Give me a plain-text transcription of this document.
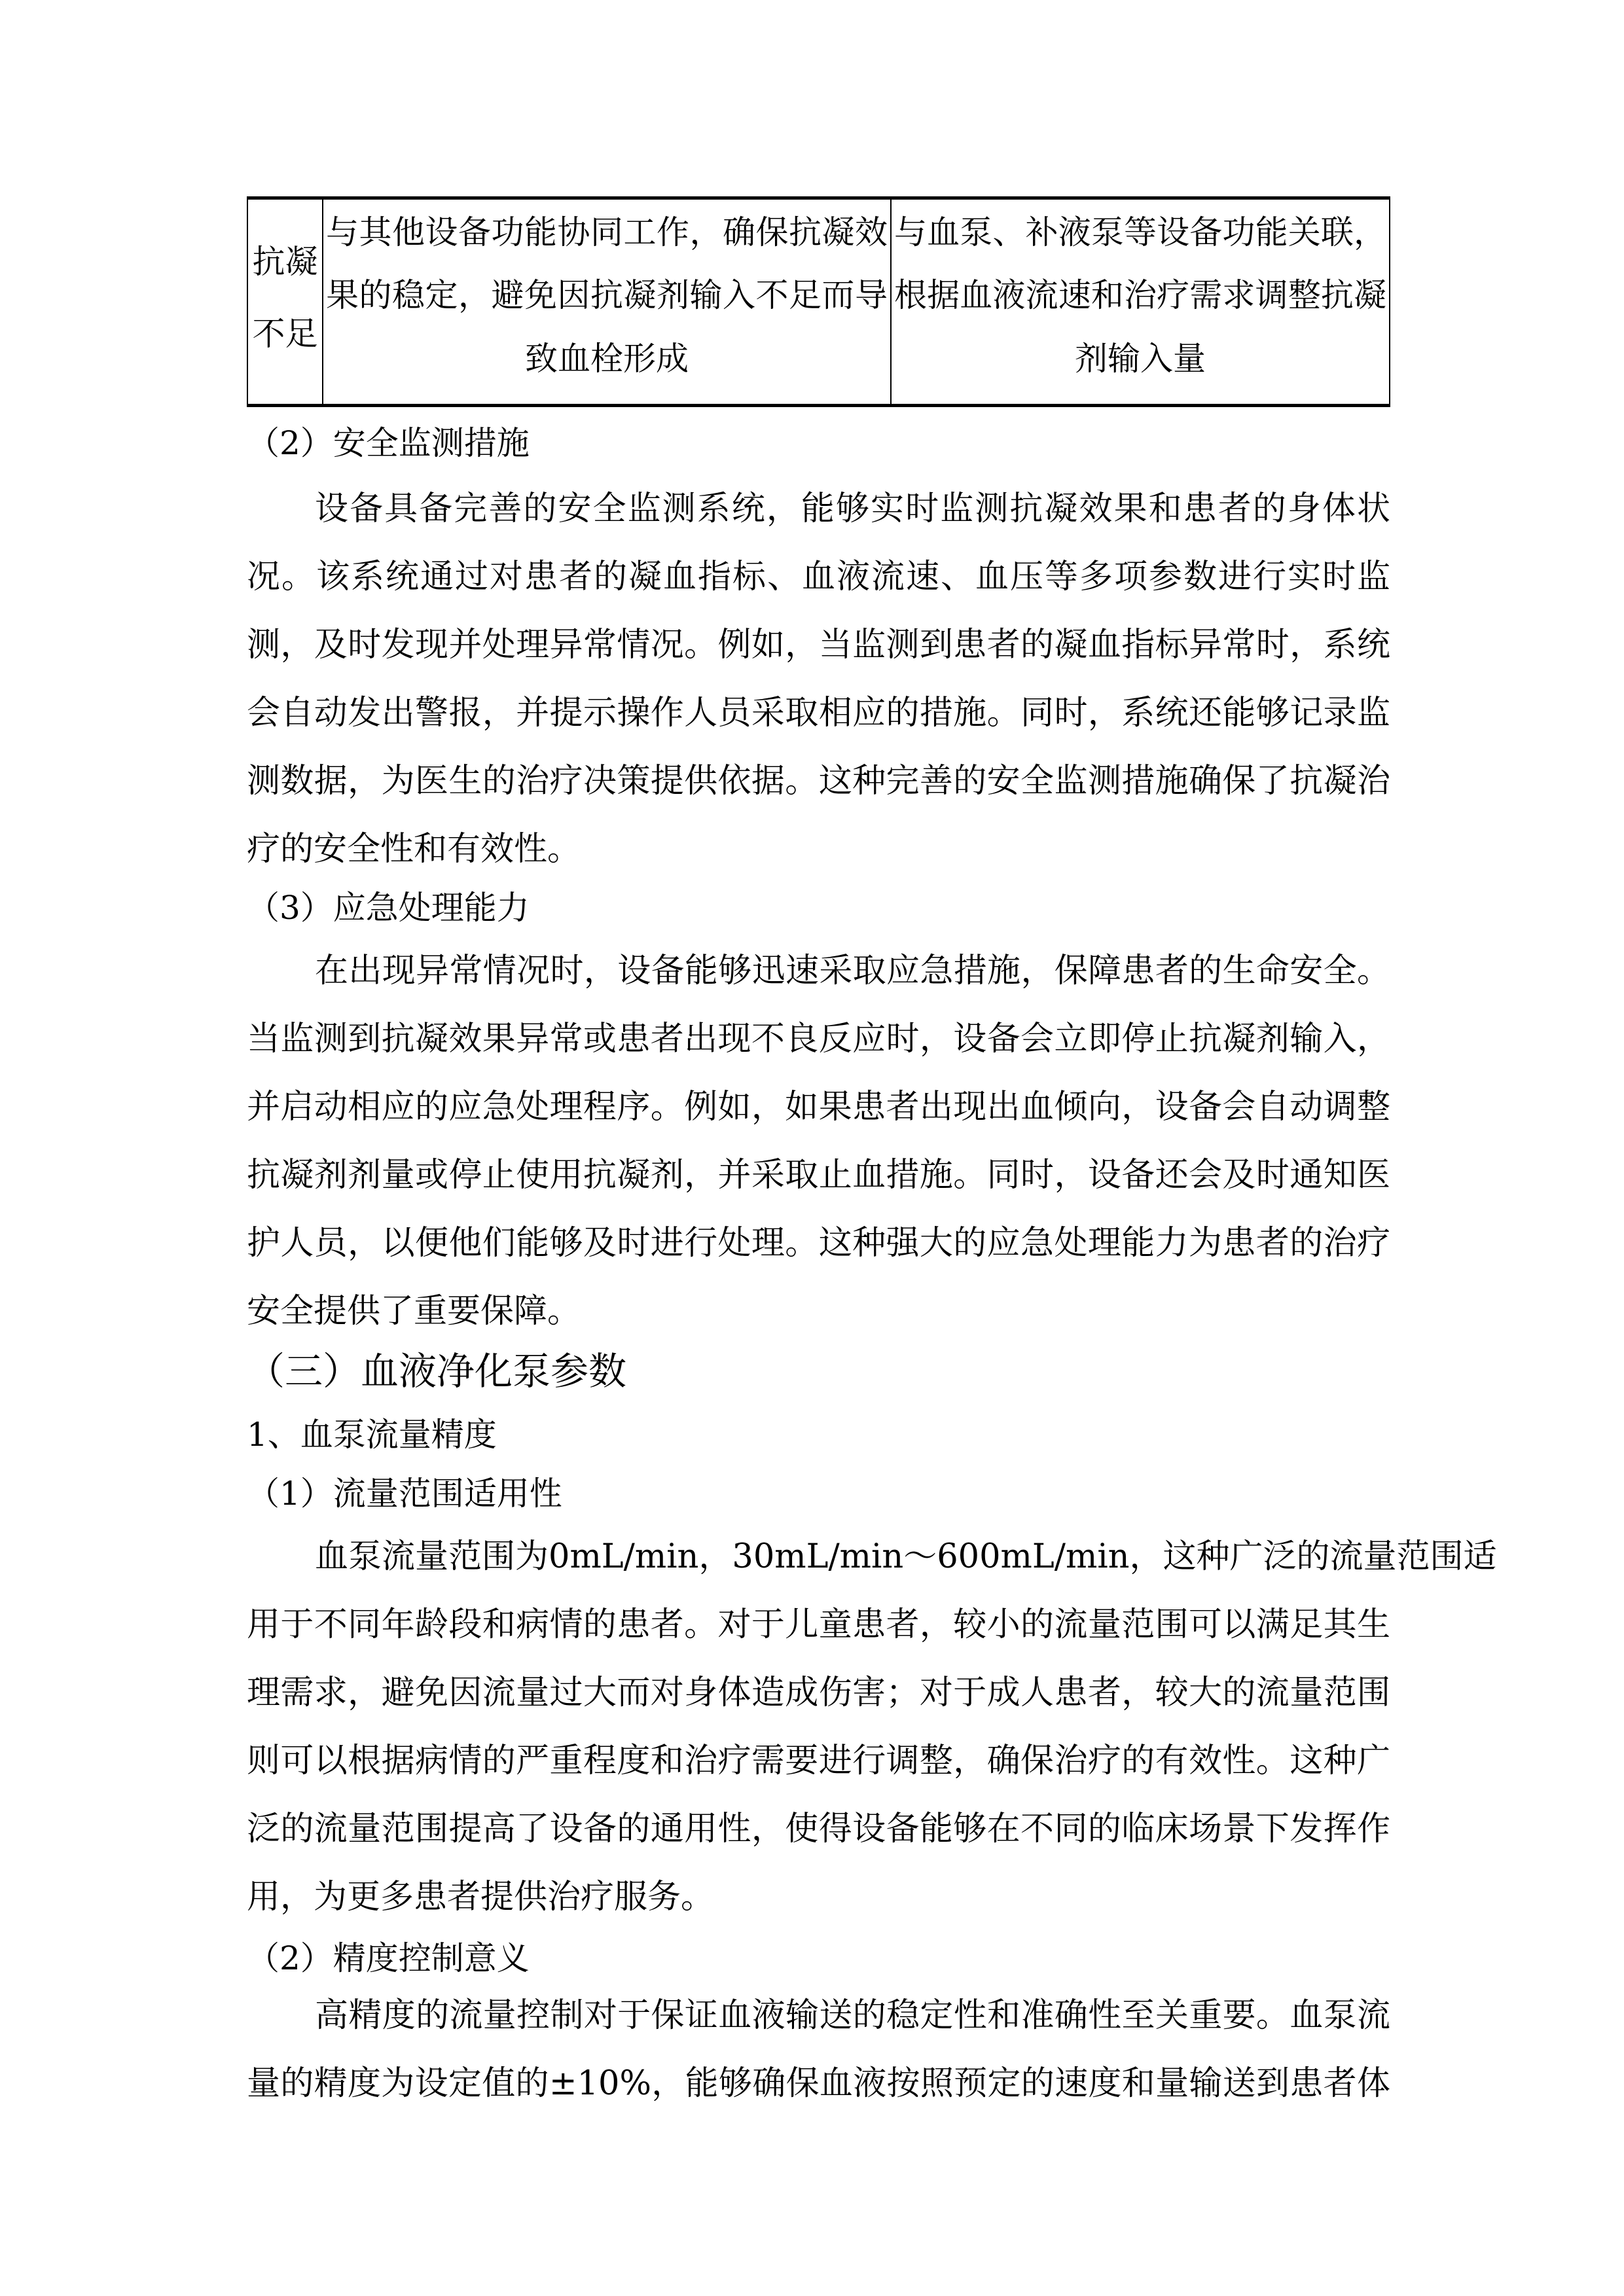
抗凝
不足
与其他设备功能协同工作，确保抗凝效
果的稳定，避免因抗凝剂输入不足而导
致血栓形成
与血泵、补液泵等设备功能关联，
根据血液流速和治疗需求调整抗凝
剂输入量
（2）安全监测措施
设备具备完善的安全监测系统，能够实时监测抗凝效果和患者的身体状
况。该系统通过对患者的凝血指标、血液流速、血压等多项参数进行实时监
测，及时发现并处理异常情况。例如，当监测到患者的凝血指标异常时，系统
会自动发出警报，并提示操作人员采取相应的措施。同时，系统还能够记录监
测数据，为医生的治疗决策提供依据。这种完善的安全监测措施确保了抗凝治
疗的安全性和有效性。
（3）应急处理能力
在出现异常情况时，设备能够迅速采取应急措施，保障患者的生命安全。
当监测到抗凝效果异常或患者出现不良反应时，设备会立即停止抗凝剂输入，
并启动相应的应急处理程序。例如，如果患者出现出血倾向，设备会自动调整
抗凝剂剂量或停止使用抗凝剂，并采取止血措施。同时，设备还会及时通知医
护人员，以便他们能够及时进行处理。这种强大的应急处理能力为患者的治疗
安全提供了重要保障。
（三）血液净化泵参数
1、血泵流量精度
（1）流量范围适用性
血泵流量范围为0mL/min，30mL/min～600mL/min，这种广泛的流量范围适
用于不同年龄段和病情的患者。对于儿童患者，较小的流量范围可以满足其生
理需求，避免因流量过大而对身体造成伤害；对于成人患者，较大的流量范围
则可以根据病情的严重程度和治疗需要进行调整，确保治疗的有效性。这种广
泛的流量范围提高了设备的通用性，使得设备能够在不同的临床场景下发挥作
用，为更多患者提供治疗服务。
（2）精度控制意义
高精度的流量控制对于保证血液输送的稳定性和准确性至关重要。血泵流
量的精度为设定值的±10%，能够确保血液按照预定的速度和量输送到患者体
